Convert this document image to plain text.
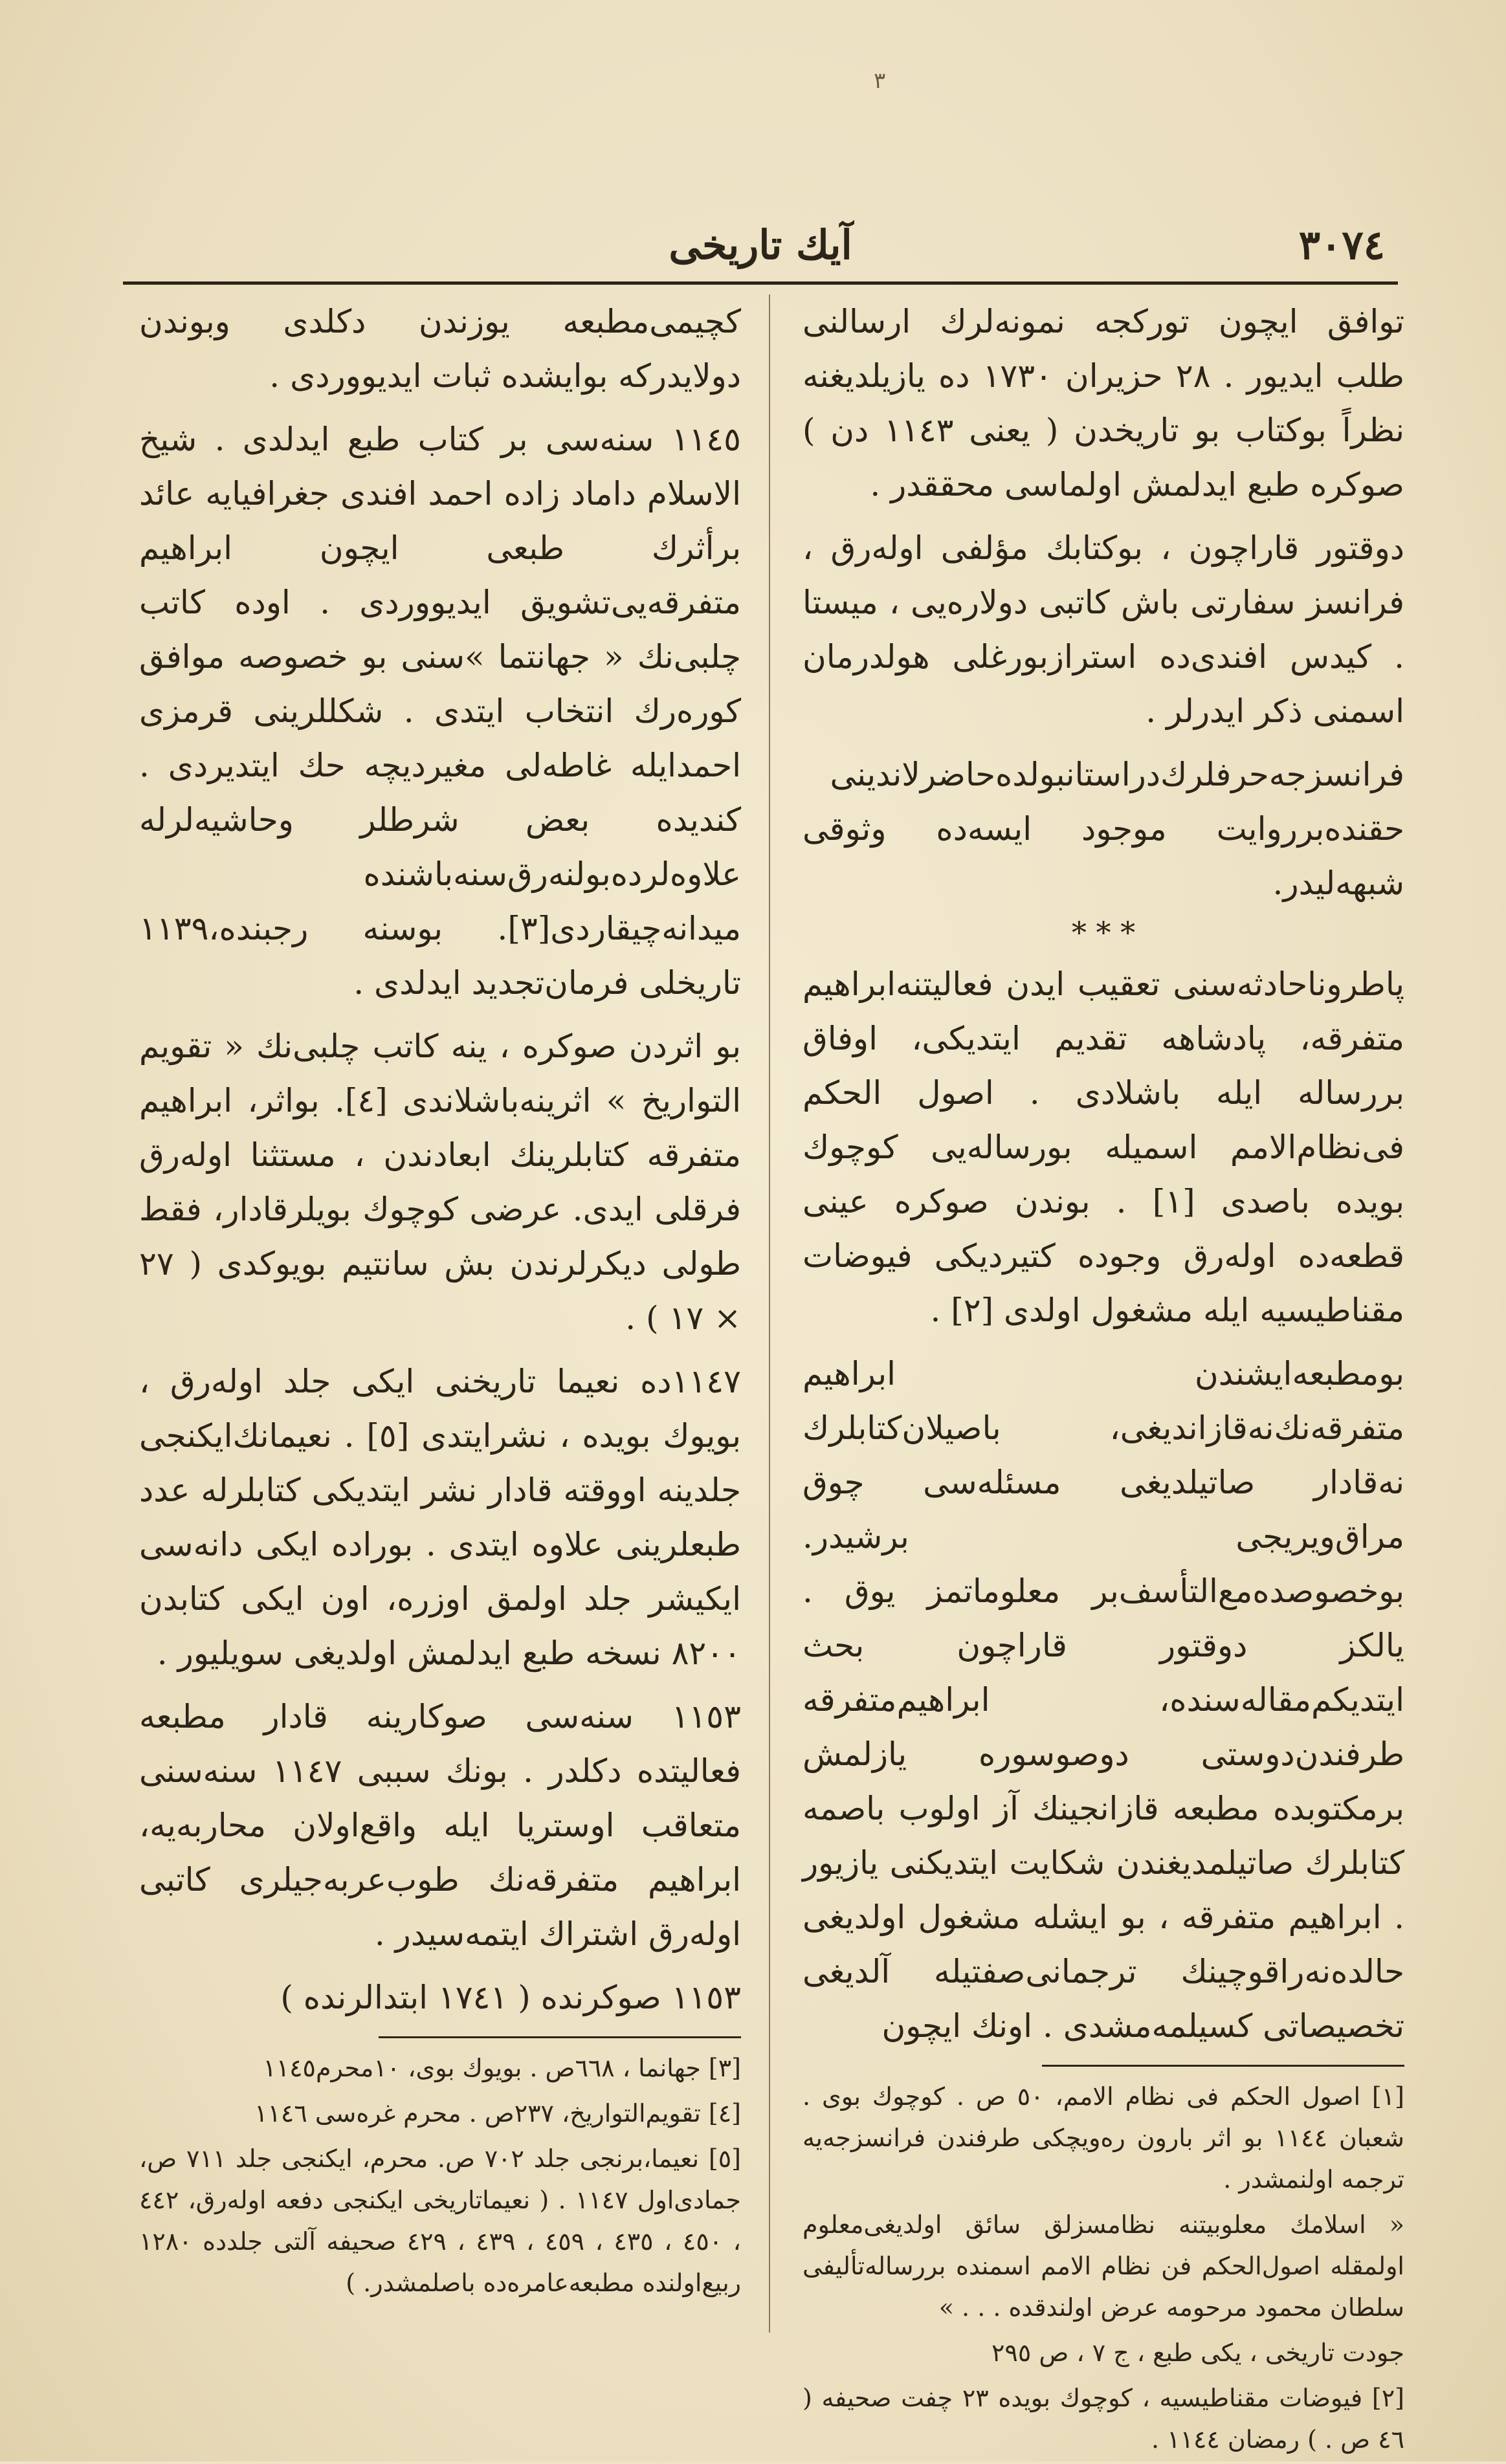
٣
٣٠٧٤
آيك تاريخى

توافق ايچون توركجه نمونه‌لرك ارسالنى طلب ايديور . ٢٨ حزيران ١٧٣٠ ده يازيلديغنه نظراً بوكتاب بو تاريخدن ( يعنى ١١٤٣ دن ) صوكره طبع ايدلمش اولماسى محققدر .

دوقتور قاراچون ، بوكتابك مؤلفى اوله‌رق ، فرانسز سفارتى باش كاتبى دولاره‌يى ، ميستا . كيدس افندى‌ده استرازبورغلى هولدرمان اسمنى ذكر ايدرلر .

فرانسزجه‌حرفلرك‌دراستانبولده‌حاضرلاندينى حقنده‌برروايت موجود ايسه‌ده وثوقى شبهه‌ليدر.

* * *

پاطرونا‌حادثه‌سنى تعقيب ايدن فعاليتنه‌ابراهيم متفرقه، پادشاهه تقديم ايتديكى، اوفاق بررساله ايله باشلادى . اصول الحكم فى‌نظام‌الامم اسميله بورساله‌يى كوچوك بويده باصدى [١] . بوندن صوكره عينى قطعه‌ده اوله‌رق وجوده كتيرديكى فيوضات مقناطيسيه ايله مشغول اولدى [٢] .

بومطبعه‌ايشندن ابراهيم متفرقه‌نك‌نه‌قازانديغى، باصيلان‌كتابلرك نه‌قادار صاتيلديغى مسئله‌سى چوق مراق‌ويريجى برشيدر. بوخصوصده‌مع‌التأسف‌بر معلوماتمز يوق . يالكز دوقتور قاراچون بحث ايتديكم‌مقاله‌سنده، ابراهيم‌متفرقه طرفندن‌دوستى دوصوسوره يازلمش برمكتوبده مطبعه قازانجينك آز اولوب باصمه كتابلرك صاتيلمديغندن شكايت ايتديكنى يازيور . ابراهيم متفرقه ، بو ايشله مشغول اولديغى حالده‌نه‌راقوچينك ترجمانى‌صفتيله آلديغى تخصيصاتى كسيلمه‌مشدى . اونك ايچون

[١] اصول الحكم فى نظام الامم، ٥٠ ص . كوچوك بوى . شعبان ١١٤٤ بو اثر بارون ره‌ويچكى طرفندن فرانسزجه‌يه ترجمه اولنمشدر .

« اسلامك معلوبيتنه نظامسزلق سائق اولديغى‌معلوم اولمقله اصول‌الحكم فن نظام الامم اسمنده بررساله‌تأليفى سلطان محمود مرحومه عرض اولندقده . . . »

جودت تاريخى ، يكى طبع ، ج ٧ ، ص ٢٩٥

[٢] فيوضات مقناطيسيه ، كوچوك بويده ٢٣ چفت صحيفه ( ٤٦ ص . ) رمضان ١١٤٤ .

كچيمى‌مطبعه يوزندن دكلدى وبوندن دولايدركه بوايشده ثبات ايديووردى .

١١٤٥ سنه‌سى بر كتاب طبع ايدلدى . شيخ الاسلام داماد زاده احمد افندى جغرافيايه عائد برأثرك طبعى ايچون ابراهيم متفرقه‌يى‌تشويق ايديووردى . اوده كاتب چلبى‌نك « جهانتما »سنى بو خصوصه موافق كوره‌رك انتخاب ايتدى . شكللرينى قرمزى احمدايله غاطه‌لى مغيرديچه حك ايتديردى . كنديده بعض شرطلر وحاشيه‌لرله علاوه‌لرده‌بولنه‌رق‌سنه‌باشنده ميدانه‌چيقاردى[٣]. بوسنه رجبنده،١١٣٩ تاريخلى فرمان‌تجديد ايدلدى .

بو اثردن صوكره ، ينه كاتب چلبى‌نك « تقويم التواريخ » اثرينه‌باشلاندى [٤]. بواثر، ابراهيم متفرقه كتابلرينك ابعادندن ، مستثنا اوله‌رق فرقلى ايدى. عرضى كوچوك بويلرقادار، فقط طولى ديكرلرندن بش سانتيم بويوكدى ( ٢٧ × ١٧ ) .

١١٤٧ده نعيما تاريخنى ايكى جلد اوله‌رق ، بويوك بويده ، نشرايتدى [٥] . نعيمانك‌ايكنجى جلدينه اووقته قادار نشر ايتديكى كتابلرله عدد طبعلرينى علاوه ايتدى . بوراده ايكى دانه‌سى ايكيشر جلد اولمق اوزره، اون ايكى كتابدن ٨٢٠٠ نسخه طبع ايدلمش اولديغى سويليور .

١١٥٣ سنه‌سى صوكارينه قادار مطبعه فعاليتده دكلدر . بونك سببى ١١٤٧ سنه‌سنى متعاقب اوستريا ايله واقع‌اولان محاربه‌يه، ابراهيم متفرقه‌نك طوب‌عربه‌جيلرى كاتبى اوله‌رق اشتراك ايتمه‌سيدر .

١١٥٣ صوكرنده ( ١٧٤١ ابتدالرنده )

[٣] جهانما ، ٦٦٨ص . بويوك بوى، ١٠محرم١١٤٥

[٤] تقويم‌التواريخ، ٢٣٧ص . محرم غره‌سى ١١٤٦

[٥] نعيما،برنجى جلد ٧٠٢ ص. محرم، ايكنجى جلد ٧١١ ص، جمادى‌اول ١١٤٧ . ( نعيماتاريخى ايكنجى دفعه اوله‌رق، ٤٤٢ ، ٤٥٠ ، ٤٣٥ ، ٤٥٩ ، ٤٣٩ ، ٤٢٩ صحيفه آلتى جلدده ١٢٨٠ ربيع‌اولنده مطبعه‌عامره‌ده باصلمشدر. )
